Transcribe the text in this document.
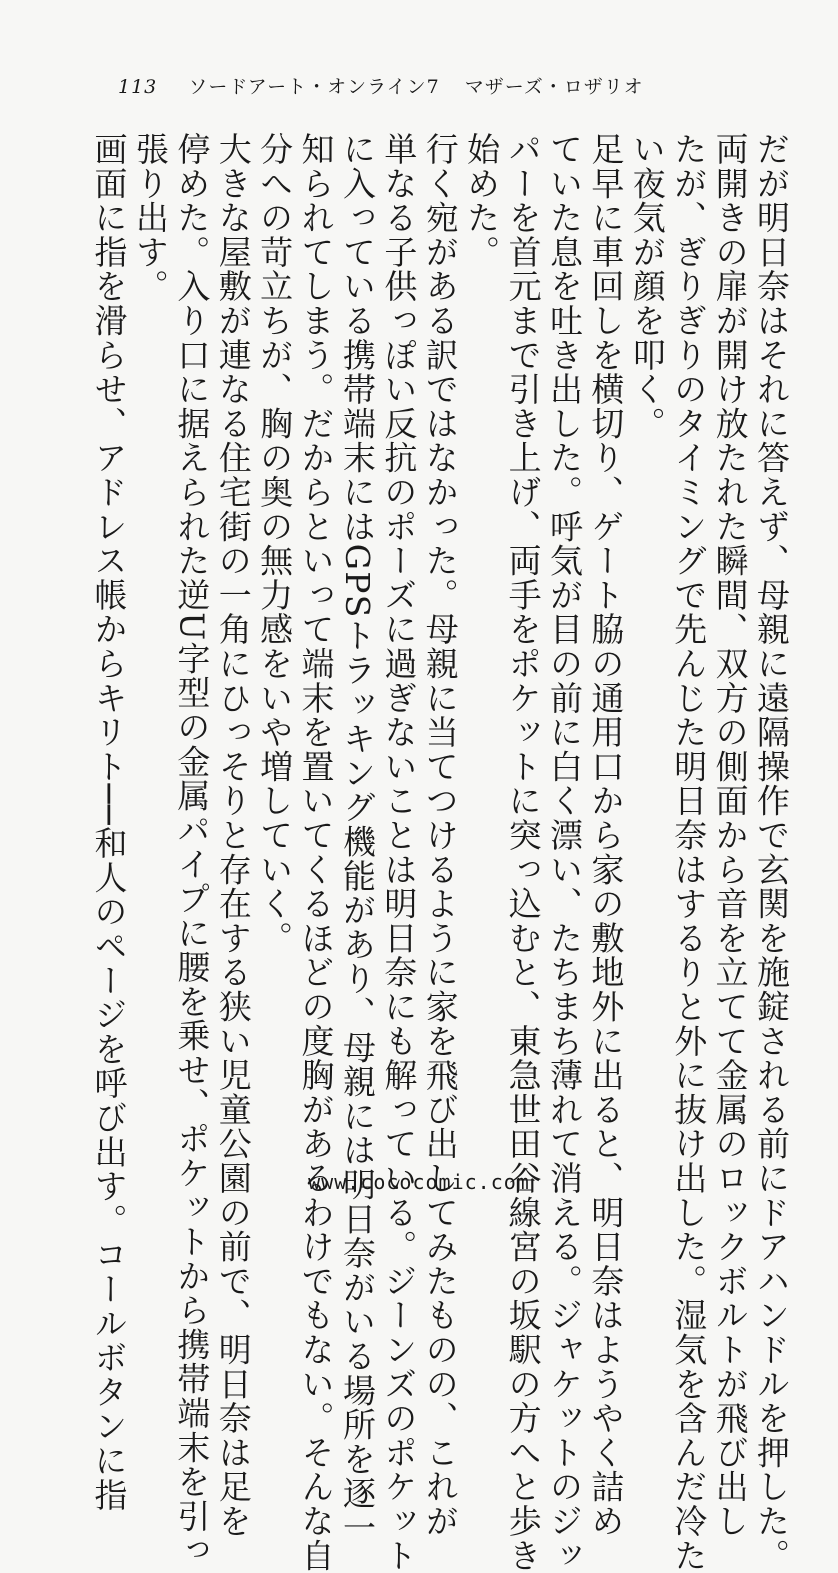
113 ソードアート・オンライン7 マザーズ・ロザリオ
だが明日奈はそれに答えず、母親に遠隔操作で玄関を施錠される前にドアハンドルを押した。
両開きの扉が開け放たれた瞬間、双方の側面から音を立てて金属のロックボルトが飛び出し
たが、ぎりぎりのタイミングで先んじた明日奈はするりと外に抜け出した。湿気を含んだ冷た
い夜気が顔を叩く。
足早に車回しを横切り、ゲート脇の通用口から家の敷地外に出ると、明日奈はようやく詰め
ていた息を吐き出した。呼気が目の前に白く漂い、たちまち薄れて消える。ジャケットのジッ
パーを首元まで引き上げ、両手をポケットに突っ込むと、東急世田谷線宮の坂駅の方へと歩き
始めた。
行く宛がある訳ではなかった。母親に当てつけるように家を飛び出してみたものの、これが
単なる子供っぽい反抗のポーズに過ぎないことは明日奈にも解っている。ジーンズのポケット
に入っている携帯端末にはGPSトラッキング機能があり、母親には明日奈がいる場所を逐一
知られてしまう。だからといって端末を置いてくるほどの度胸があるわけでもない。そんな自
分への苛立ちが、胸の奥の無力感をいや増していく。
大きな屋敷が連なる住宅街の一角にひっそりと存在する狭い児童公園の前で、明日奈は足を
停めた。入り口に据えられた逆U字型の金属パイプに腰を乗せ、ポケットから携帯端末を引っ
張り出す。
画面に指を滑らせ、アドレス帳からキリト──和人のページを呼び出す。コールボタンに指	www.cococomic.com
